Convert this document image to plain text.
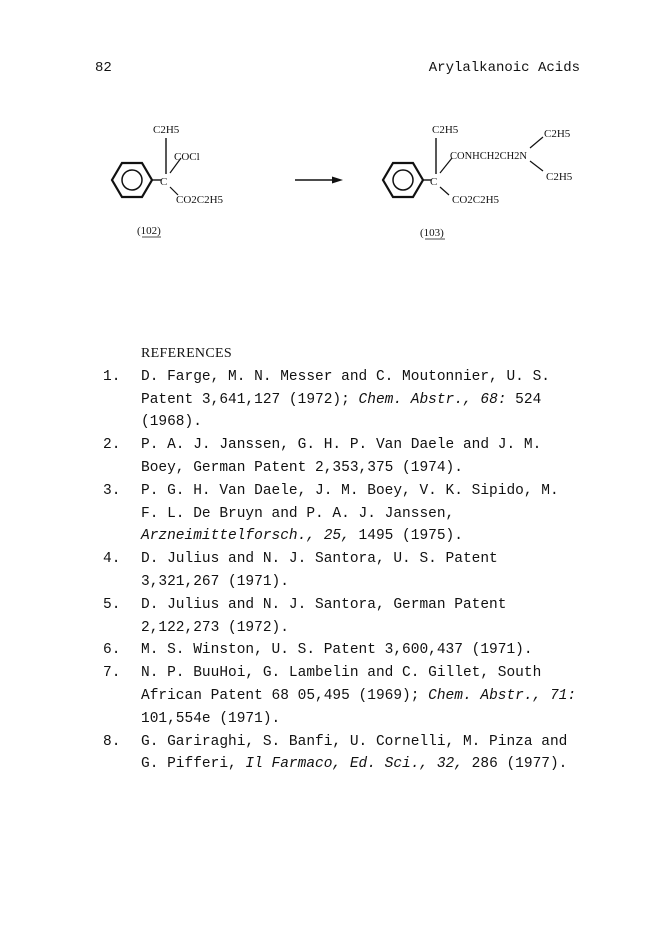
82	Arylalkanoic Acids
C
C2H5
COCl
CO2C2H5
(102)
C
C2H5
CONHCH2CH2N
C2H5
C2H5
CO2C2H5
(103)
REFERENCES
1.	D. Farge, M. N. Messer and C. Moutonnier, U. S. Patent 3,641,127 (1972); Chem. Abstr., 68: 524 (1968).
2.	P. A. J. Janssen, G. H. P. Van Daele and J. M. Boey, German Patent 2,353,375 (1974).
3.	P. G. H. Van Daele, J. M. Boey, V. K. Sipido, M. F. L. De Bruyn and P. A. J. Janssen, Arzneimittelforsch., 25, 1495 (1975).
4.	D. Julius and N. J. Santora, U. S. Patent 3,321,267 (1971).
5.	D. Julius and N. J. Santora, German Patent 2,122,273 (1972).
6.	M. S. Winston, U. S. Patent 3,600,437 (1971).
7.	N. P. BuuHoi, G. Lambelin and C. Gillet, South African Patent 68 05,495 (1969); Chem. Abstr., 71: 101,554e (1971).
8.	G. Gariraghi, S. Banfi, U. Cornelli, M. Pinza and G. Pifferi, Il Farmaco, Ed. Sci., 32, 286 (1977).
